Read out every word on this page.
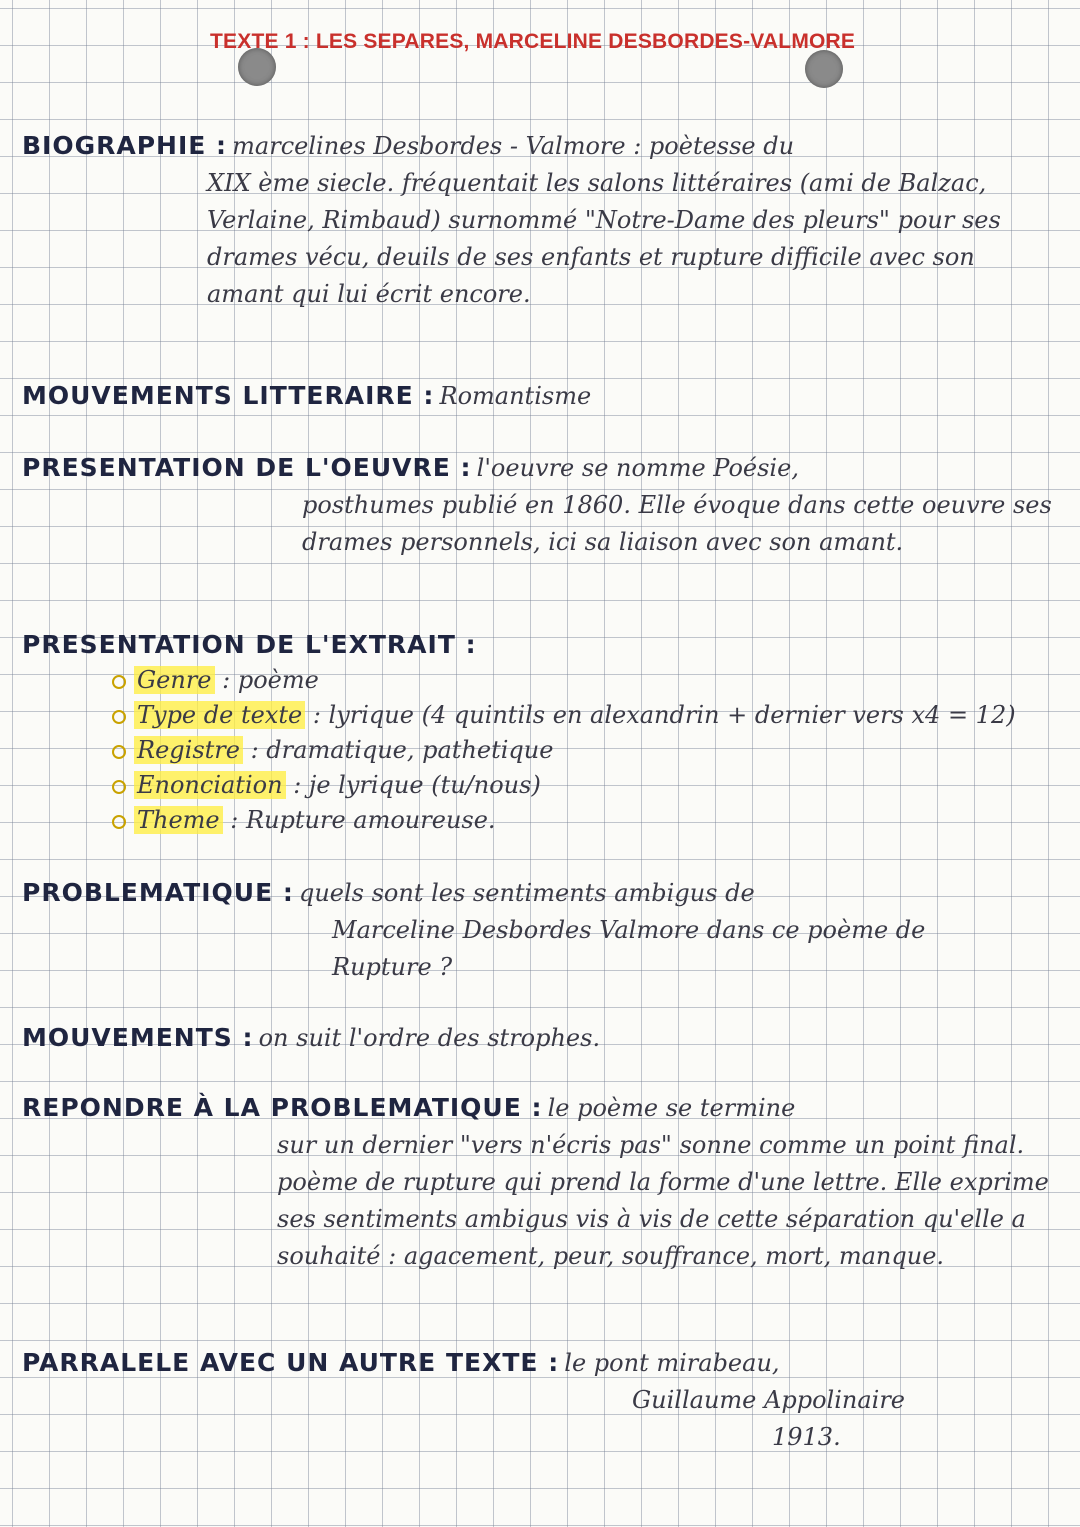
TEXTE 1 : LES SEPARES, MARCELINE DESBORDES-VALMORE
BIOGRAPHIE : marcelines Desbordes - Valmore : poètesse du
XIX ème siecle. fréquentait les salons littéraires (ami de Balzac, Verlaine, Rimbaud) surnommé "Notre-Dame des pleurs" pour ses drames vécu, deuils de ses enfants et rupture difficile avec son amant qui lui écrit encore.
MOUVEMENTS LITTERAIRE : Romantisme
PRESENTATION DE L'OEUVRE : l'oeuvre se nomme Poésie,
posthumes publié en 1860. Elle évoque dans cette oeuvre ses drames personnels, ici sa liaison avec son amant.
PRESENTATION DE L'EXTRAIT :
Genre : poème
Type de texte : lyrique (4 quintils en alexandrin + dernier vers x4 = 12)
Registre : dramatique, pathetique
Enonciation : je lyrique (tu/nous)
Theme : Rupture amoureuse.
PROBLEMATIQUE : quels sont les sentiments ambigus de
Marceline Desbordes Valmore dans ce poème de Rupture ?
MOUVEMENTS : on suit l'ordre des strophes.
REPONDRE À LA PROBLEMATIQUE : le poème se termine
sur un dernier "vers n'écris pas" sonne comme un point final. poème de rupture qui prend la forme d'une lettre. Elle exprime ses sentiments ambigus vis à vis de cette séparation qu'elle a souhaité : agacement, peur, souffrance, mort, manque.
PARRALELE AVEC UN AUTRE TEXTE : le pont mirabeau,
Guillaume Appolinaire
1913.
